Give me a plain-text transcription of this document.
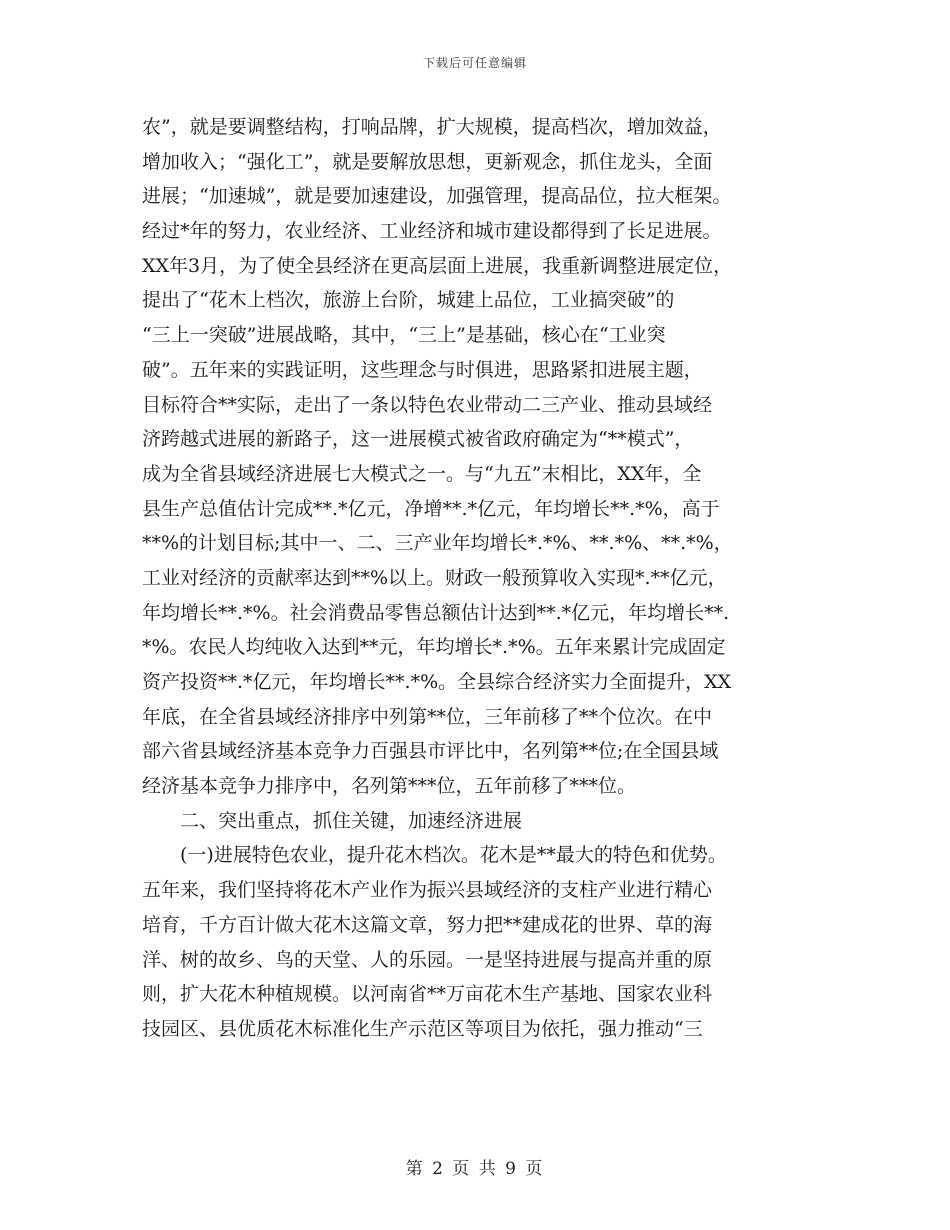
下载后可任意编辑
农”，就是要调整结构，打响品牌，扩大规模，提高档次，增加效益，
增加收入；“强化工”，就是要解放思想，更新观念，抓住龙头，全面
进展；“加速城”，就是要加速建设，加强管理，提高品位，拉大框架。
经过*年的努力，农业经济、工业经济和城市建设都得到了长足进展。
XX年3月，为了使全县经济在更高层面上进展，我重新调整进展定位，
提出了“花木上档次，旅游上台阶，城建上品位，工业搞突破”的
“三上一突破”进展战略，其中，“三上”是基础，核心在“工业突
破”。五年来的实践证明，这些理念与时俱进，思路紧扣进展主题，
目标符合**实际，走出了一条以特色农业带动二三产业、推动县域经
济跨越式进展的新路子，这一进展模式被省政府确定为“**模式”，
成为全省县域经济进展七大模式之一。与“九五”末相比，XX年，全
县生产总值估计完成**.*亿元，净增**.*亿元，年均增长**.*%，高于
**%的计划目标;其中一、二、三产业年均增长*.*%、**.*%、**.*%，
工业对经济的贡献率达到**%以上。财政一般预算收入实现*.**亿元，
年均增长**.*%。社会消费品零售总额估计达到**.*亿元，年均增长**.
*%。农民人均纯收入达到**元，年均增长*.*%。五年来累计完成固定
资产投资**.*亿元，年均增长**.*%。全县综合经济实力全面提升，XX
年底，在全省县域经济排序中列第**位，三年前移了**个位次。在中
部六省县域经济基本竞争力百强县市评比中，名列第**位;在全国县域
经济基本竞争力排序中，名列第***位，五年前移了***位。
二、突出重点，抓住关键，加速经济进展
(一)进展特色农业，提升花木档次。花木是**最大的特色和优势。
五年来，我们坚持将花木产业作为振兴县域经济的支柱产业进行精心
培育，千方百计做大花木这篇文章，努力把**建成花的世界、草的海
洋、树的故乡、鸟的天堂、人的乐园。一是坚持进展与提高并重的原
则，扩大花木种植规模。以河南省**万亩花木生产基地、国家农业科
技园区、县优质花木标准化生产示范区等项目为依托，强力推动“三
第 2 页 共 9 页
